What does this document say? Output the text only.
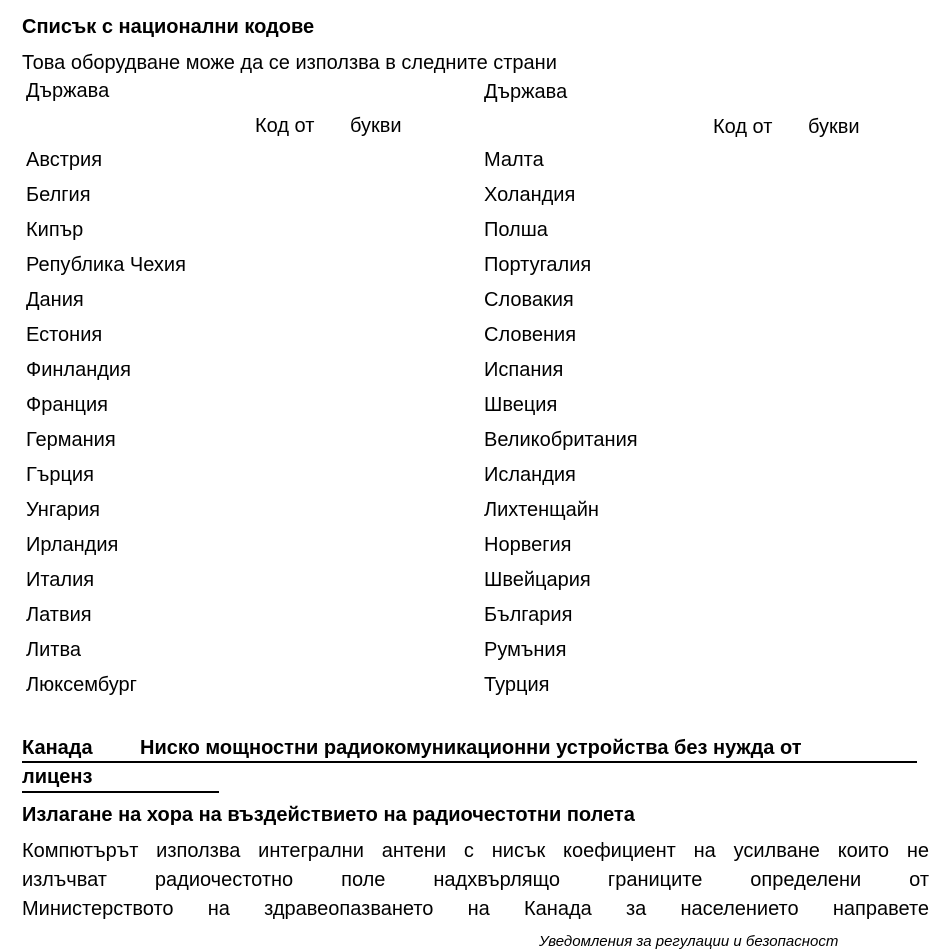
Списък с национални кодове
Това оборудване може да се използва в следните страни
Държава
Код от букви
Държава
Код от букви
Австрия
Белгия
Кипър
Република Чехия
Дания
Естония
Финландия
Франция
Германия
Гърция
Унгария
Ирландия
Италия
Латвия
Литва
Люксембург
Малта
Холандия
Полша
Португалия
Словакия
Словения
Испания
Швеция
Великобритания
Исландия
Лихтенщайн
Норвегия
Швейцария
България
Румъния
Турция
Канада Ниско мощностни радиокомуникационни устройства без нужда от
лиценз
Излагане на хора на въздействието на радиочестотни полета
Компютърът използва интегрални антени с нисък коефициент на усилване които не
излъчват радиочестотно поле надхвърлящо границите определени от
Министерството на здравеопазването на Канада за населението направете
Уведомления за регулации и безопасност
